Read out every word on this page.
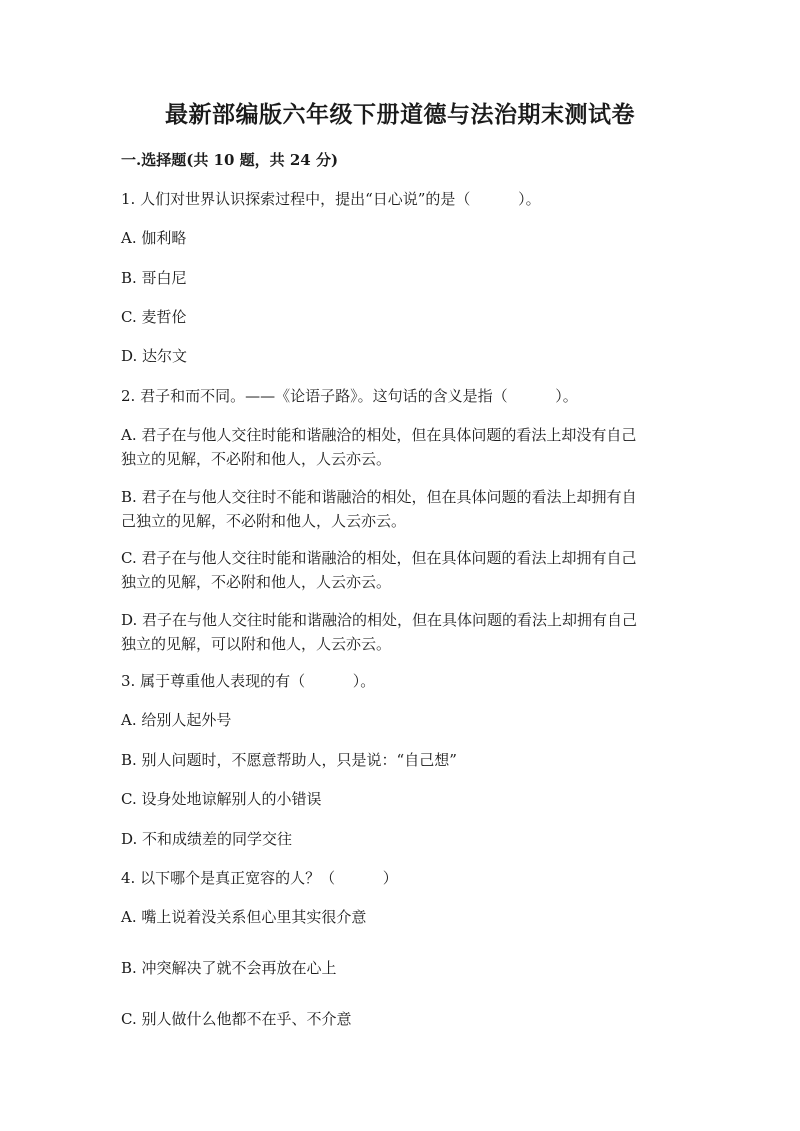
最新部编版六年级下册道德与法治期末测试卷
一.选择题(共 10 题，共 24 分)
1. 人们对世界认识探索过程中，提出“日心说”的是（          ）。
A. 伽利略
B. 哥白尼
C. 麦哲伦
D. 达尔文
2. 君子和而不同。——《论语子路》。这句话的含义是指（          ）。
A. 君子在与他人交往时能和谐融洽的相处，但在具体问题的看法上却没有自己
独立的见解，不必附和他人，人云亦云。
B. 君子在与他人交往时不能和谐融洽的相处，但在具体问题的看法上却拥有自
己独立的见解，不必附和他人，人云亦云。
C. 君子在与他人交往时能和谐融洽的相处，但在具体问题的看法上却拥有自己
独立的见解，不必附和他人，人云亦云。
D. 君子在与他人交往时能和谐融洽的相处，但在具体问题的看法上却拥有自己
独立的见解，可以附和他人，人云亦云。
3. 属于尊重他人表现的有（          ）。
A. 给别人起外号
B. 别人问题时，不愿意帮助人，只是说：“自己想”
C. 设身处地谅解别人的小错误
D. 不和成绩差的同学交往
4. 以下哪个是真正宽容的人？（          ）
A. 嘴上说着没关系但心里其实很介意
B. 冲突解决了就不会再放在心上
C. 别人做什么他都不在乎、不介意
